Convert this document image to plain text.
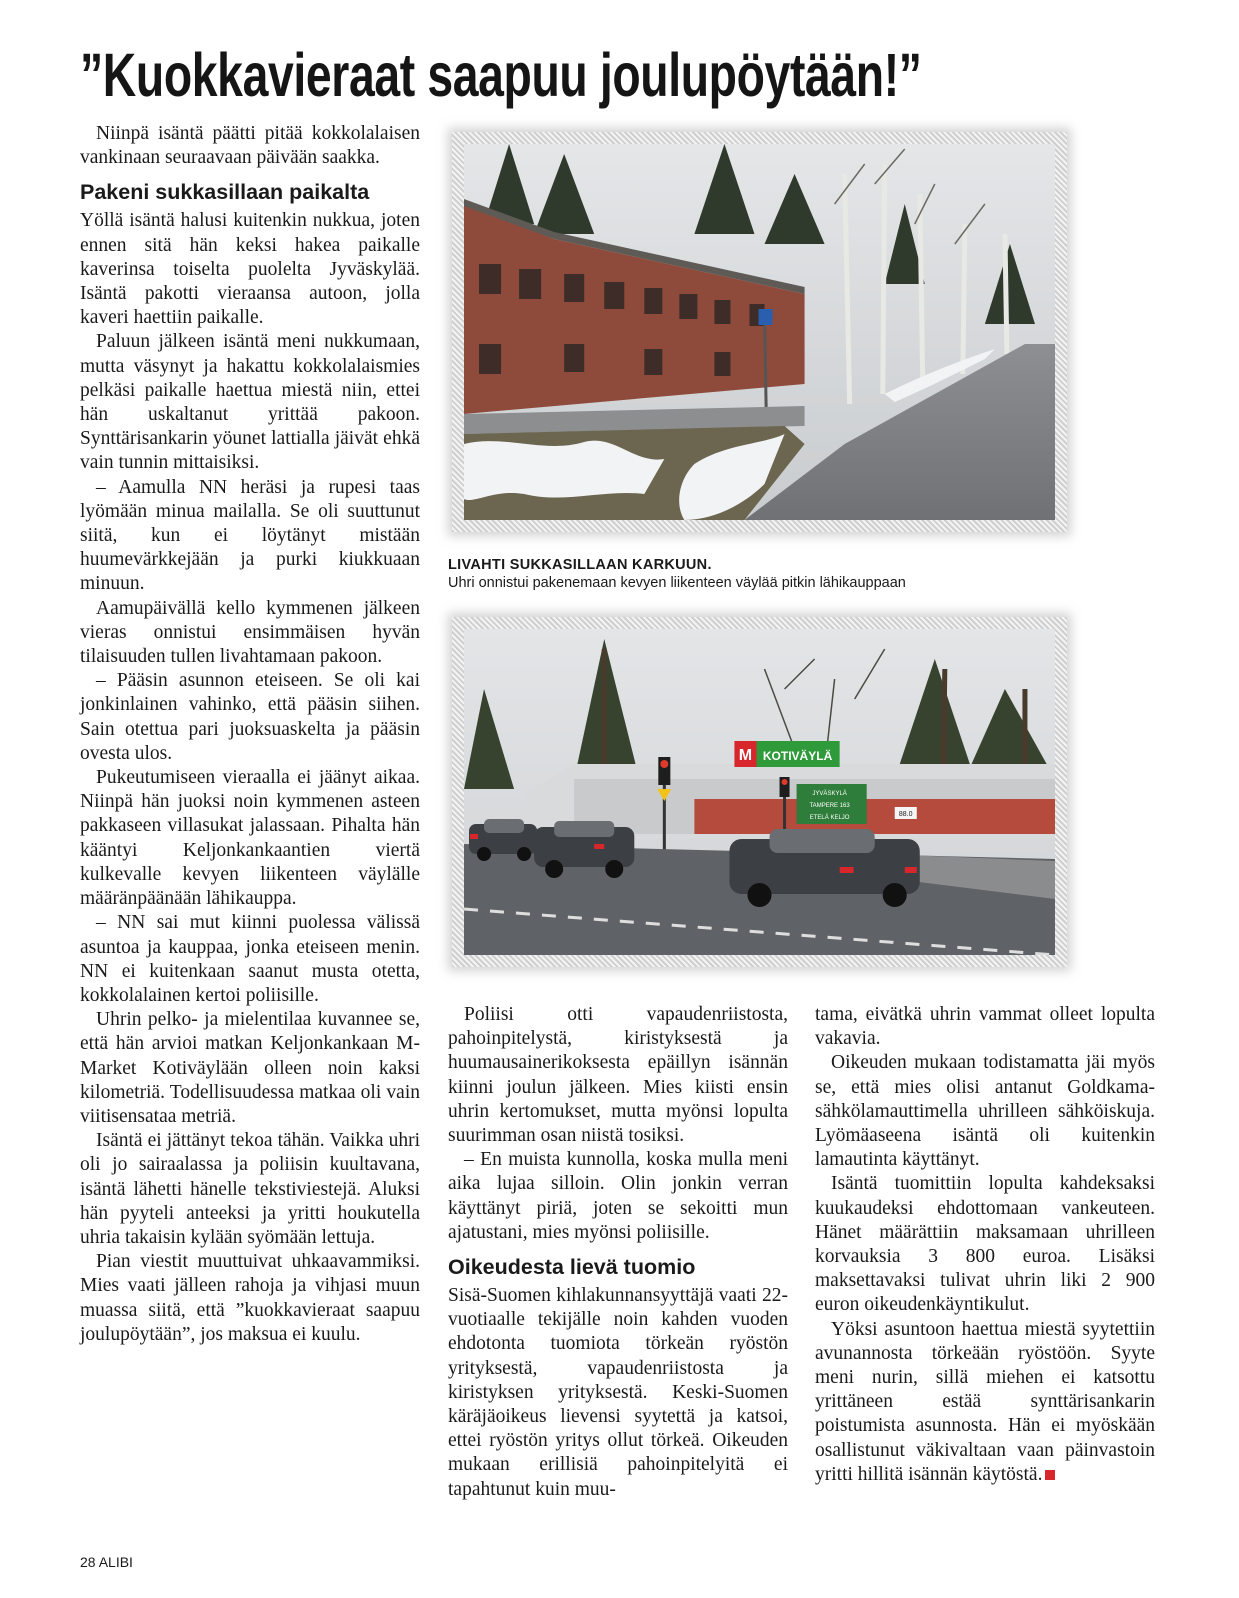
”Kuokkavieraat saapuu joulupöytään!”

Niinpä isäntä päätti pitää kokkolalaisen vankinaan seuraavaan päivään saakka.

Pakeni sukkasillaan paikalta

Yöllä isäntä halusi kuitenkin nukkua, joten ennen sitä hän keksi hakea paikalle kaverinsa toiselta puolelta Jyväskylää. Isäntä pakotti vieraansa autoon, jolla kaveri haettiin paikalle.

Paluun jälkeen isäntä meni nukkumaan, mutta väsynyt ja hakattu kokkolalaismies pelkäsi paikalle haettua miestä niin, ettei hän uskaltanut yrittää pakoon. Synttärisankarin yöunet lattialla jäivät ehkä vain tunnin mittaisiksi.

– Aamulla NN heräsi ja rupesi taas lyömään minua mailalla. Se oli suuttunut siitä, kun ei löytänyt mistään huumevärkkejään ja purki kiukkuaan minuun.

Aamupäivällä kello kymmenen jälkeen vieras onnistui ensimmäisen hyvän tilaisuuden tullen livahtamaan pakoon.

– Pääsin asunnon eteiseen. Se oli kai jonkinlainen vahinko, että pääsin siihen. Sain otettua pari juoksuaskelta ja pääsin ovesta ulos.

Pukeutumiseen vieraalla ei jäänyt aikaa. Niinpä hän juoksi noin kymmenen asteen pakkaseen villasukat jalassaan. Pihalta hän kääntyi Keljonkankaantien viertä kulkevalle kevyen liikenteen väylälle määränpäänään lähikauppa.

– NN sai mut kiinni puolessa välissä asuntoa ja kauppaa, jonka eteiseen menin. NN ei kuitenkaan saanut musta otetta, kokkolalainen kertoi poliisille.

Uhrin pelko- ja mielentilaa kuvannee se, että hän arvioi matkan Keljonkankaan M-Market Kotiväylään olleen noin kaksi kilometriä. Todellisuudessa matkaa oli vain viitisensataa metriä.

Isäntä ei jättänyt tekoa tähän. Vaikka uhri oli jo sairaalassa ja poliisin kuultavana, isäntä lähetti hänelle tekstiviestejä. Aluksi hän pyyteli anteeksi ja yritti houkutella uhria takaisin kylään syömään lettuja.

Pian viestit muuttuivat uhkaavammiksi. Mies vaati jälleen rahoja ja vihjasi muun muassa siitä, että ”kuokkavieraat saapuu joulupöytään”, jos maksua ei kuulu.

LIVAHTI SUKKASILLAAN KARKUUN.
Uhri onnistui pakenemaan kevyen liikenteen väylää pitkin lähikauppaan
M KOTIVÄYLÄ
JYVÄSKYLÄ
TAMPERE 163
ETELÄ KELJO
88.0

Poliisi otti vapaudenriistosta, pahoinpitelystä, kiristyksestä ja huumausainerikoksesta epäillyn isännän kiinni joulun jälkeen. Mies kiisti ensin uhrin kertomukset, mutta myönsi lopulta suurimman osan niistä tosiksi.

– En muista kunnolla, koska mulla meni aika lujaa silloin. Olin jonkin verran käyttänyt piriä, joten se sekoitti mun ajatustani, mies myönsi poliisille.

Oikeudesta lievä tuomio

Sisä-Suomen kihlakunnansyyttäjä vaati 22-vuotiaalle tekijälle noin kahden vuoden ehdotonta tuomiota törkeän ryöstön yrityksestä, vapaudenriistosta ja kiristyksen yrityksestä. Keski-Suomen käräjäoikeus lievensi syytettä ja katsoi, ettei ryöstön yritys ollut törkeä. Oikeuden mukaan erillisiä pahoinpitelyitä ei tapahtunut kuin muu-

tama, eivätkä uhrin vammat olleet lopulta vakavia.

Oikeuden mukaan todistamatta jäi myös se, että mies olisi antanut Goldkama-sähkölamauttimella uhrilleen sähköiskuja. Lyömäaseena isäntä oli kuitenkin lamautinta käyttänyt.

Isäntä tuomittiin lopulta kahdeksaksi kuukaudeksi ehdottomaan vankeuteen. Hänet määrättiin maksamaan uhrilleen korvauksia 3 800 euroa. Lisäksi maksettavaksi tulivat uhrin liki 2 900 euron oikeudenkäyntikulut.

Yöksi asuntoon haettua miestä syytettiin avunannosta törkeään ryöstöön. Syyte meni nurin, sillä miehen ei katsottu yrittäneen estää synttärisankarin poistumista asunnosta. Hän ei myöskään osallistunut väkivaltaan vaan päinvastoin yritti hillitä isännän käytöstä.

28 ALIBI
